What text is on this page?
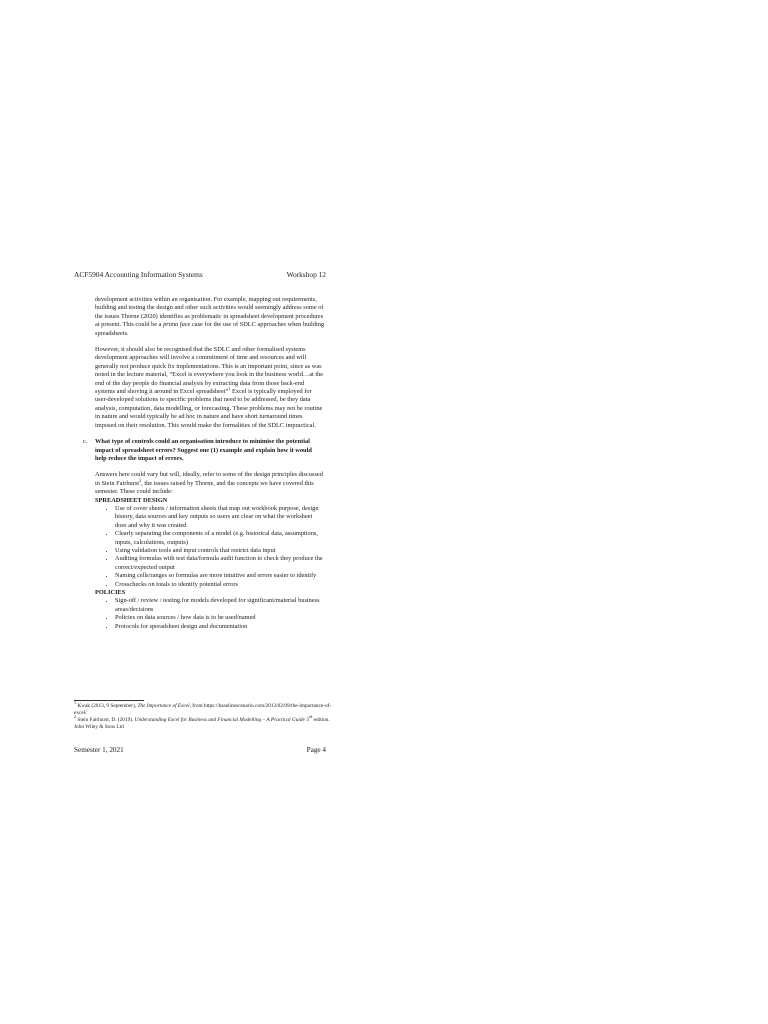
ACF5904 Accounting Information Systems	Workshop 12

development activities within an organisation. For example, mapping out requirements, building and testing the design and other such activities would seemingly address some of the issues Thorne (2020) identifies as problematic in spreadsheet development procedures at present. This could be a prima face case for the use of SDLC approaches when building spreadsheets.

However, it should also be recognised that the SDLC and other formalised systems development approaches will involve a commitment of time and resources and will generally not produce quick fix implementations. This is an important point, since as was noted in the lecture material, “Excel is everywhere you look in the business world…at the end of the day people do financial analysis by extracting data from those back-end systems and shoving it around in Excel spreadsheet”$^1$ Excel is typically employed for user-developed solutions to specific problems that need to be addressed, be they data analysis, computation, data modelling, or forecasting. These problems may not be routine in nature and would typically be ad hoc in nature and have short turnaround times imposed on their resolution. This would make the formalities of the SDLC impractical.

c. What type of controls could an organisation introduce to minimise the potential impact of spreadsheet errors? Suggest one (1) example and explain how it would help reduce the impact of errors.
Answers here could vary but will, ideally, refer to some of the design principles discussed in Stein Fairhurst$^2$, the issues raised by Thorne, and the concepts we have covered this semester. These could include:
SPREADSHEET DESIGN
• Use of cover sheets / information sheets that map out workbook purpose, design history, data sources and key outputs so users are clear on what the worksheet does and why it was created
• Clearly separating the components of a model (e.g. historical data, assumptions, inputs, calculations, outputs)
• Using validation tools and input controls that restrict data input
• Auditing formulas with test data/formula audit function to check they produce the correct/expected output
• Naming cells/ranges so formulas are more intuitive and errors easier to identify
• Crosschecks on totals to identify potential errors
POLICIES
• Sign-off / review / testing for models developed for significant/material business areas/decisions
• Policies on data sources / how data is to be used/named
• Protocols for spreadsheet design and documentation
$^1$ Kwak (2013, 9 September), The Importance of Excel, from https://baselinescenario.com/2013/02/09/the-importance-of-excel/
$^2$ Stein Fairhurst, D. (2019). Understanding Excel for Business and Financial Modelling – A Practical Guide 3rd edition. John Wiley & Sons Ltd
Semester 1, 2021	Page 4
